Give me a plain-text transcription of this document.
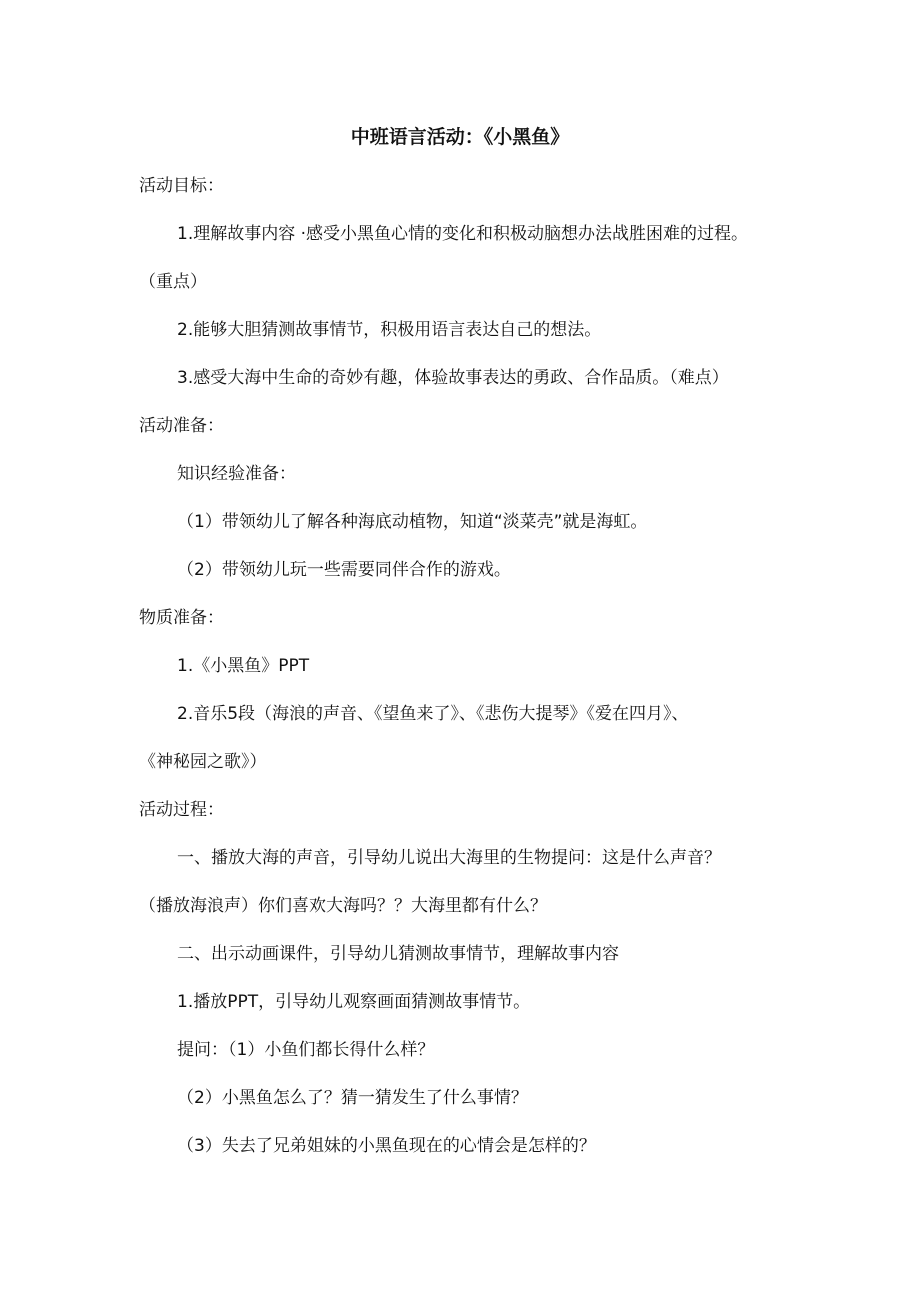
中班语言活动：《小黑鱼》
活动目标：
1.理解故事内容 ·感受小黑鱼心情的变化和积极动脑想办法战胜困难的过程。
（重点）
2.能够大胆猜测故事情节，积极用语言表达自己的想法。
3.感受大海中生命的奇妙有趣，体验故事表达的勇政、合作品质。（难点）
活动准备：
知识经验准备：
（1）带领幼儿了解各种海底动植物，知道“淡菜壳”就是海虹。
（2）带领幼儿玩一些需要同伴合作的游戏。
物质准备：
1.《小黑鱼》PPT
2.音乐5段（海浪的声音、《望鱼来了》、《悲伤大提琴》《爱在四月》、
《神秘园之歌》）
活动过程：
一、播放大海的声音，引导幼儿说出大海里的生物提问：这是什么声音？
（播放海浪声）你们喜欢大海吗？？大海里都有什么？
二、出示动画课件，引导幼儿猜测故事情节，理解故事内容
1.播放PPT，引导幼儿观察画面猜测故事情节。
提问：（1）小鱼们都长得什么样？
（2）小黑鱼怎么了？猜一猜发生了什么事情？
（3）失去了兄弟姐妹的小黑鱼现在的心情会是怎样的？
